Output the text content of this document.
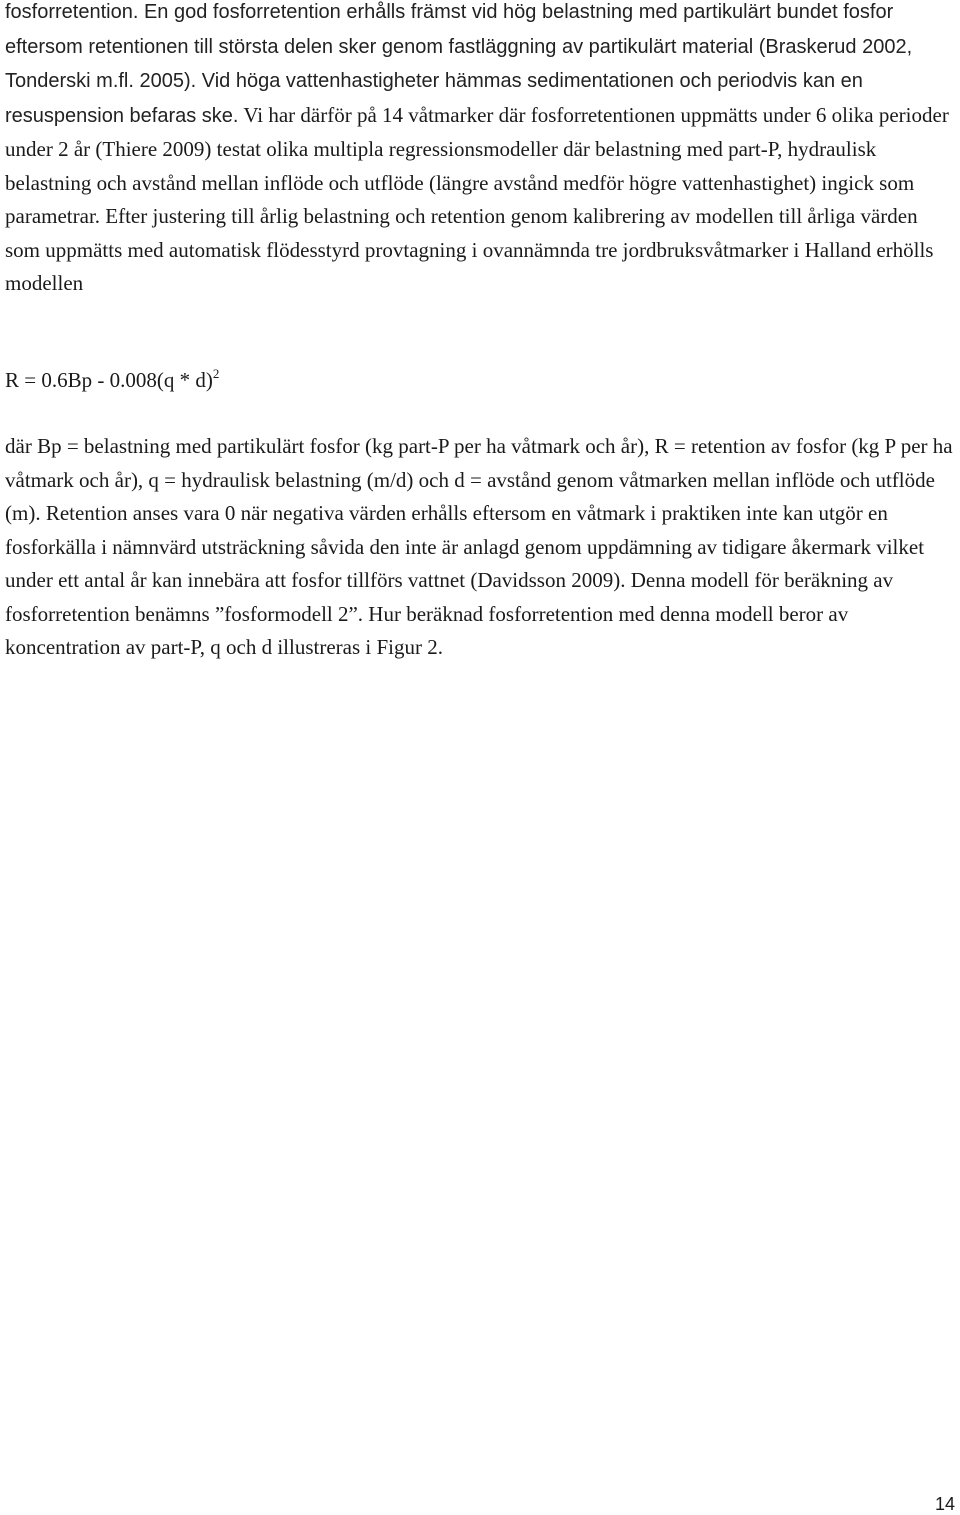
fosforretention. En god fosforretention erhålls främst vid hög belastning med partikulärt bundet fosfor eftersom retentionen till största delen sker genom fastläggning av partikulärt material (Braskerud 2002, Tonderski m.fl. 2005). Vid höga vattenhastigheter hämmas sedimentationen och periodvis kan en resuspension befaras ske. Vi har därför på 14 våtmarker där fosforretentionen uppmätts under 6 olika perioder under 2 år (Thiere 2009) testat olika multipla regressionsmodeller där belastning med part-P, hydraulisk belastning och avstånd mellan inflöde och utflöde (längre avstånd medför högre vattenhastighet) ingick som parametrar. Efter justering till årlig belastning och retention genom kalibrering av modellen till årliga värden som uppmätts med automatisk flödesstyrd provtagning i ovannämnda tre jordbruksvåtmarker i Halland erhölls modellen

R = 0.6Bp - 0.008(q * d)$^2$

där Bp = belastning med partikulärt fosfor (kg part-P per ha våtmark och år), R = retention av fosfor (kg P per ha våtmark och år), q = hydraulisk belastning (m/d) och d = avstånd genom våtmarken mellan inflöde och utflöde (m). Retention anses vara 0 när negativa värden erhålls eftersom en våtmark i praktiken inte kan utgör en fosforkälla i nämnvärd utsträckning såvida den inte är anlagd genom uppdämning av tidigare åkermark vilket under ett antal år kan innebära att fosfor tillförs vattnet (Davidsson 2009). Denna modell för beräkning av fosforretention benämns ”fosformodell 2”. Hur beräknad fosforretention med denna modell beror av koncentration av part-P, q och d illustreras i Figur 2.

14
